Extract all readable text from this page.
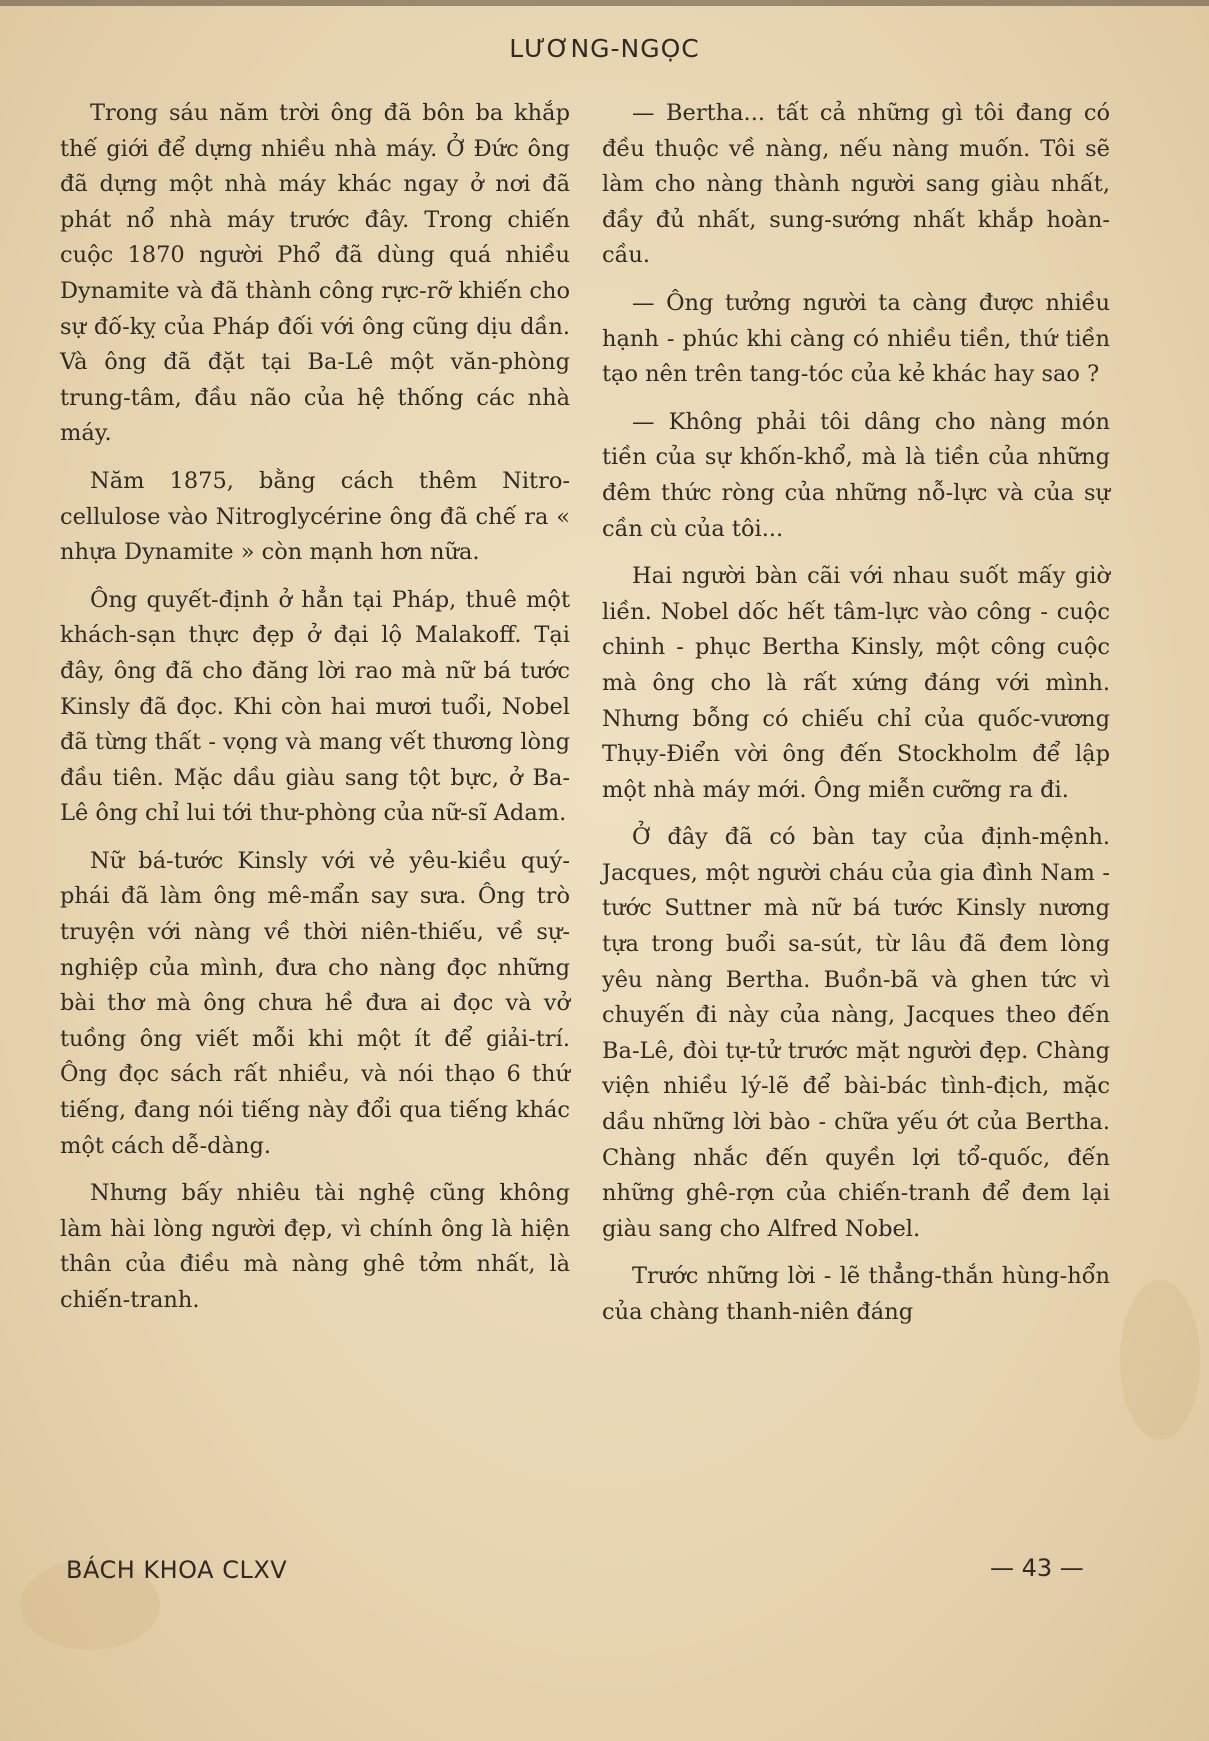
LƯƠNG-NGỌC

Trong sáu năm trời ông đã bôn ba khắp thế giới để dựng nhiều nhà máy. Ở Đức ông đã dựng một nhà máy khác ngay ở nơi đã phát nổ nhà máy trước đây. Trong chiến cuộc 1870 người Phổ đã dùng quá nhiều Dynamite và đã thành công rực-rỡ khiến cho sự đố-kỵ của Pháp đối với ông cũng dịu dần. Và ông đã đặt tại Ba-Lê một văn-phòng trung-tâm, đầu não của hệ thống các nhà máy.

Năm 1875, bằng cách thêm Nitro-cellulose vào Nitroglycérine ông đã chế ra « nhựa Dynamite » còn mạnh hơn nữa.

Ông quyết-định ở hẳn tại Pháp, thuê một khách-sạn thực đẹp ở đại lộ Malakoff. Tại đây, ông đã cho đăng lời rao mà nữ bá tước Kinsly đã đọc. Khi còn hai mươi tuổi, Nobel đã từng thất - vọng và mang vết thương lòng đầu tiên. Mặc dầu giàu sang tột bực, ở Ba-Lê ông chỉ lui tới thư-phòng của nữ-sĩ Adam.

Nữ bá-tước Kinsly với vẻ yêu-kiều quý-phái đã làm ông mê-mẩn say sưa. Ông trò truyện với nàng về thời niên-thiếu, về sự-nghiệp của mình, đưa cho nàng đọc những bài thơ mà ông chưa hề đưa ai đọc và vở tuồng ông viết mỗi khi một ít để giải-trí. Ông đọc sách rất nhiều, và nói thạo 6 thứ tiếng, đang nói tiếng này đổi qua tiếng khác một cách dễ-dàng.

Nhưng bấy nhiêu tài nghệ cũng không làm hài lòng người đẹp, vì chính ông là hiện thân của điều mà nàng ghê tởm nhất, là chiến-tranh.

— Bertha... tất cả những gì tôi đang có đều thuộc về nàng, nếu nàng muốn. Tôi sẽ làm cho nàng thành người sang giàu nhất, đầy đủ nhất, sung-sướng nhất khắp hoàn-cầu.

— Ông tưởng người ta càng được nhiều hạnh - phúc khi càng có nhiều tiền, thứ tiền tạo nên trên tang-tóc của kẻ khác hay sao ?

— Không phải tôi dâng cho nàng món tiền của sự khốn-khổ, mà là tiền của những đêm thức ròng của những nỗ-lực và của sự cần cù của tôi...

Hai người bàn cãi với nhau suốt mấy giờ liền. Nobel dốc hết tâm-lực vào công - cuộc chinh - phục Bertha Kinsly, một công cuộc mà ông cho là rất xứng đáng với mình. Nhưng bỗng có chiếu chỉ của quốc-vương Thụy-Điển vời ông đến Stockholm để lập một nhà máy mới. Ông miễn cưỡng ra đi.

Ở đây đã có bàn tay của định-mệnh. Jacques, một người cháu của gia đình Nam - tước Suttner mà nữ bá tước Kinsly nương tựa trong buổi sa-sút, từ lâu đã đem lòng yêu nàng Bertha. Buồn-bã và ghen tức vì chuyến đi này của nàng, Jacques theo đến Ba-Lê, đòi tự-tử trước mặt người đẹp. Chàng viện nhiều lý-lẽ để bài-bác tình-địch, mặc dầu những lời bào - chữa yếu ớt của Bertha. Chàng nhắc đến quyền lợi tổ-quốc, đến những ghê-rợn của chiến-tranh để đem lại giàu sang cho Alfred Nobel.

Trước những lời - lẽ thẳng-thắn hùng-hổn của chàng thanh-niên đáng

BÁCH KHOA CLXV	— 43 —
